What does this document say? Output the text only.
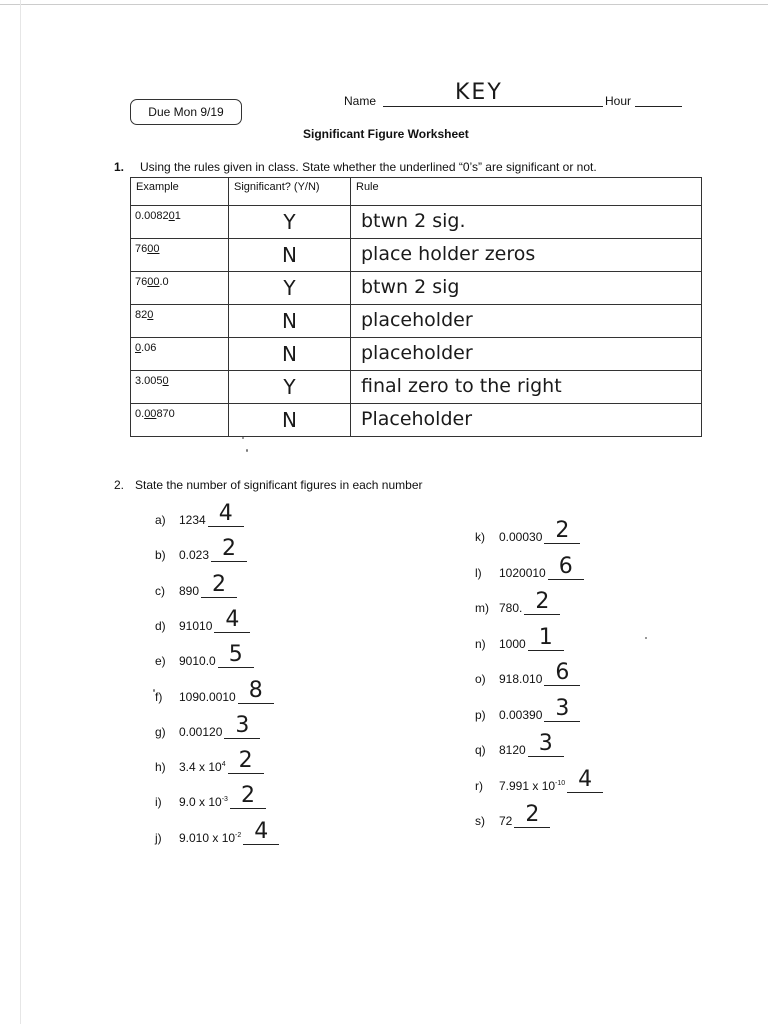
Due Mon 9/19
Name	KEY	Hour
Significant Figure Worksheet
1. Using the rules given in class. State whether the underlined “0’s” are significant or not.
Example	Significant? (Y/N)	Rule
0.008201	Y	btwn 2 sig.
7600	N	place holder zeros
7600.0	Y	btwn 2 sig
820	N	placeholder
0.06	N	placeholder
3.0050	Y	final zero to the right
0.00870	N	Placeholder
2. State the number of significant figures in each number
a) 1234 4
b) 0.023 2
c) 890 2
d) 91010 4
e) 9010.0 5
f) 1090.0010 8
g) 0.00120 3
h) 3.4 x $10^4$ 2
i) 9.0 x $10^{-3}$ 2
j) 9.010 x $10^{-2}$ 4
k) 0.00030 2
l) 1020010 6
m) 780. 2
n) 1000 1
o) 918.010 6
p) 0.00390 3
q) 8120 3
r) 7.991 x $10^{-10}$ 4
s) 72 2
